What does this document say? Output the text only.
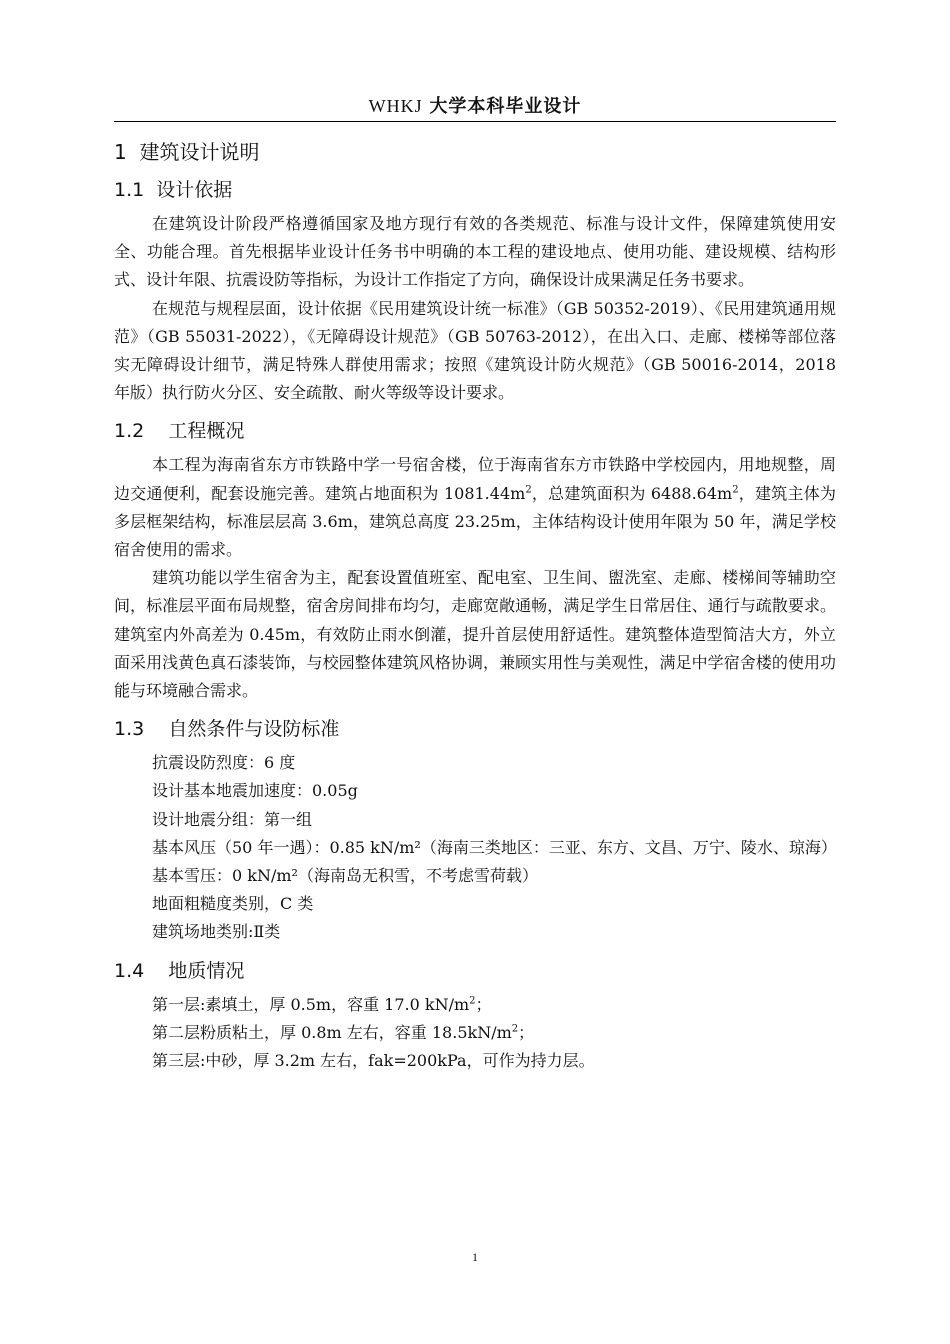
WHKJ 大学本科毕业设计
1 建筑设计说明
1.1  设计依据

在建筑设计阶段严格遵循国家及地方现行有效的各类规范、标准与设计文件，保障建筑使用安全、功能合理。首先根据毕业设计任务书中明确的本工程的建设地点、使用功能、建设规模、结构形式、设计年限、抗震设防等指标，为设计工作指定了方向，确保设计成果满足任务书要求。

在规范与规程层面，设计依据《民用建筑设计统一标准》（GB 50352-2019）、《民用建筑通用规范》（GB 55031-2022），《无障碍设计规范》（GB 50763-2012），在出入口、走廊、楼梯等部位落实无障碍设计细节，满足特殊人群使用需求；按照《建筑设计防火规范》（GB 50016-2014，2018 年版）执行防火分区、安全疏散、耐火等级等设计要求。

1.2    工程概况

本工程为海南省东方市铁路中学一号宿舍楼，位于海南省东方市铁路中学校园内，用地规整，周边交通便利，配套设施完善。建筑占地面积为 $1081.44m^2$，总建筑面积为 $6488.64m^2$，建筑主体为多层框架结构，标准层层高 3.6m，建筑总高度 23.25m，主体结构设计使用年限为 50 年，满足学校宿舍使用的需求。

建筑功能以学生宿舍为主，配套设置值班室、配电室、卫生间、盥洗室、走廊、楼梯间等辅助空间，标准层平面布局规整，宿舍房间排布均匀，走廊宽敞通畅，满足学生日常居住、通行与疏散要求。建筑室内外高差为 0.45m，有效防止雨水倒灌，提升首层使用舒适性。建筑整体造型简洁大方，外立面采用浅黄色真石漆装饰，与校园整体建筑风格协调，兼顾实用性与美观性，满足中学宿舍楼的使用功能与环境融合需求。

1.3    自然条件与设防标准

抗震设防烈度：6 度

设计基本地震加速度：0.05g

设计地震分组：第一组

基本风压（50 年一遇）：0.85 kN/m²（海南三类地区：三亚、东方、文昌、万宁、陵水、琼海）

基本雪压：0 kN/m²（海南岛无积雪，不考虑雪荷载）

地面粗糙度类别，C 类

建筑场地类别:Ⅱ类

1.4    地质情况

第一层:素填土，厚 0.5m，容重 17.0 $kN/m^2$；

第二层粉质粘土，厚 0.8m 左右，容重 $18.5kN/m^2$；

第三层:中砂，厚 3.2m 左右，fak=200kPa，可作为持力层。

1
